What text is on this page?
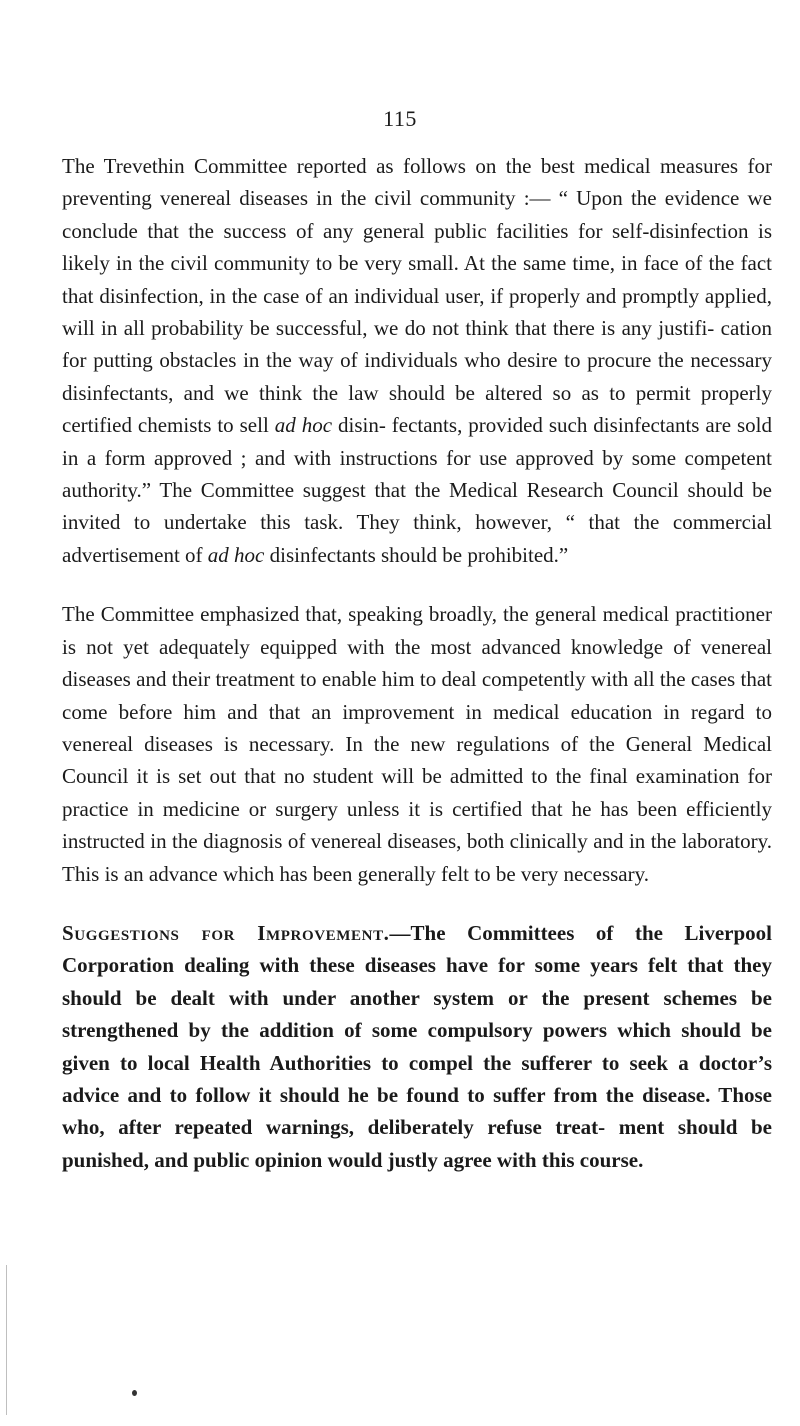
115

The Trevethin Committee reported as follows on the best medical measures for preventing venereal diseases in the civil community :— “ Upon the evidence we conclude that the success of any general public facilities for self-disinfection is likely in the civil community to be very small. At the same time, in face of the fact that disinfection, in the case of an individual user, if properly and promptly applied, will in all probability be successful, we do not think that there is any justifi- cation for putting obstacles in the way of individuals who desire to procure the necessary disinfectants, and we think the law should be altered so as to permit properly certified chemists to sell ad hoc disin- fectants, provided such disinfectants are sold in a form approved ; and with instructions for use approved by some competent authority.” The Committee suggest that the Medical Research Council should be invited to undertake this task. They think, however, “ that the commercial advertisement of ad hoc disinfectants should be prohibited.”

The Committee emphasized that, speaking broadly, the general medical practitioner is not yet adequately equipped with the most advanced knowledge of venereal diseases and their treatment to enable him to deal competently with all the cases that come before him and that an improvement in medical education in regard to venereal diseases is necessary. In the new regulations of the General Medical Council it is set out that no student will be admitted to the final examination for practice in medicine or surgery unless it is certified that he has been efficiently instructed in the diagnosis of venereal diseases, both clinically and in the laboratory. This is an advance which has been generally felt to be very necessary.

Suggestions for Improvement.—The Committees of the Liverpool Corporation dealing with these diseases have for some years felt that they should be dealt with under another system or the present schemes be strengthened by the addition of some compulsory powers which should be given to local Health Authorities to compel the sufferer to seek a doctor’s advice and to follow it should he be found to suffer from the disease. Those who, after repeated warnings, deliberately refuse treat- ment should be punished, and public opinion would justly agree with this course.
